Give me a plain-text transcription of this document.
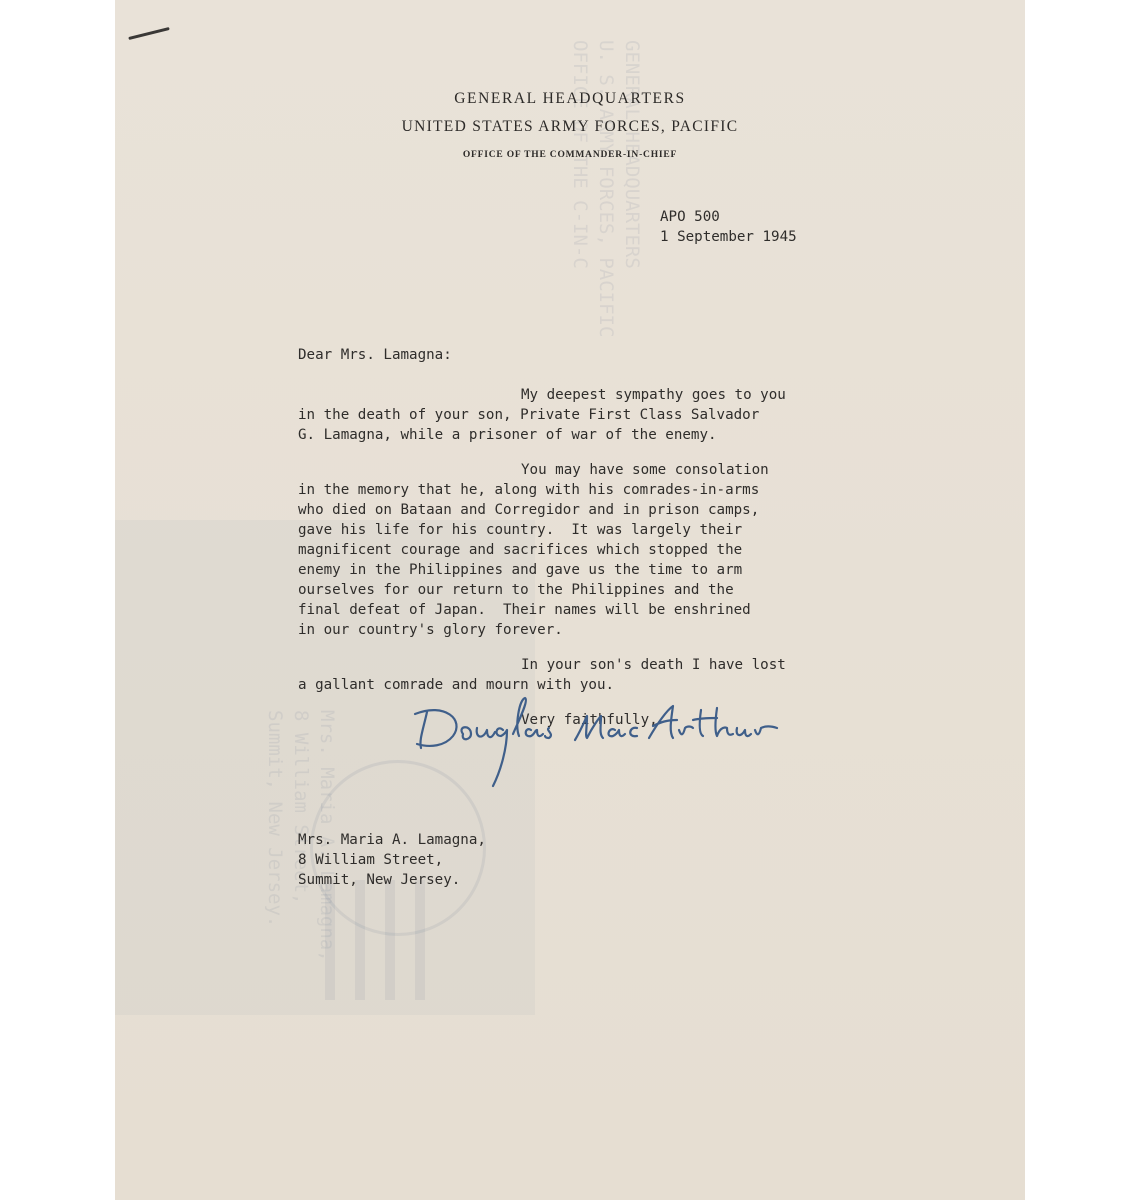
GENERAL HEADQUARTERS
U. S. ARMY FORCES, PACIFIC
OFFICE OF THE C-IN-C
Mrs. Maria A. Lamagna,
8 William Street,
Summit, New Jersey.
GENERAL HEADQUARTERS
UNITED STATES ARMY FORCES, PACIFIC
OFFICE OF THE COMMANDER-IN-CHIEF
APO 500
1 September 1945
Dear Mrs. Lamagna:
My deepest sympathy goes to you
in the death of your son, Private First Class Salvador
G. Lamagna, while a prisoner of war of the enemy.
You may have some consolation
in the memory that he, along with his comrades-in-arms
who died on Bataan and Corregidor and in prison camps,
gave his life for his country.  It was largely their
magnificent courage and sacrifices which stopped the
enemy in the Philippines and gave us the time to arm
ourselves for our return to the Philippines and the
final defeat of Japan.  Their names will be enshrined
in our country's glory forever.
In your son's death I have lost
a gallant comrade and mourn with you.
Very faithfully,
Mrs. Maria A. Lamagna,
8 William Street,
Summit, New Jersey.
